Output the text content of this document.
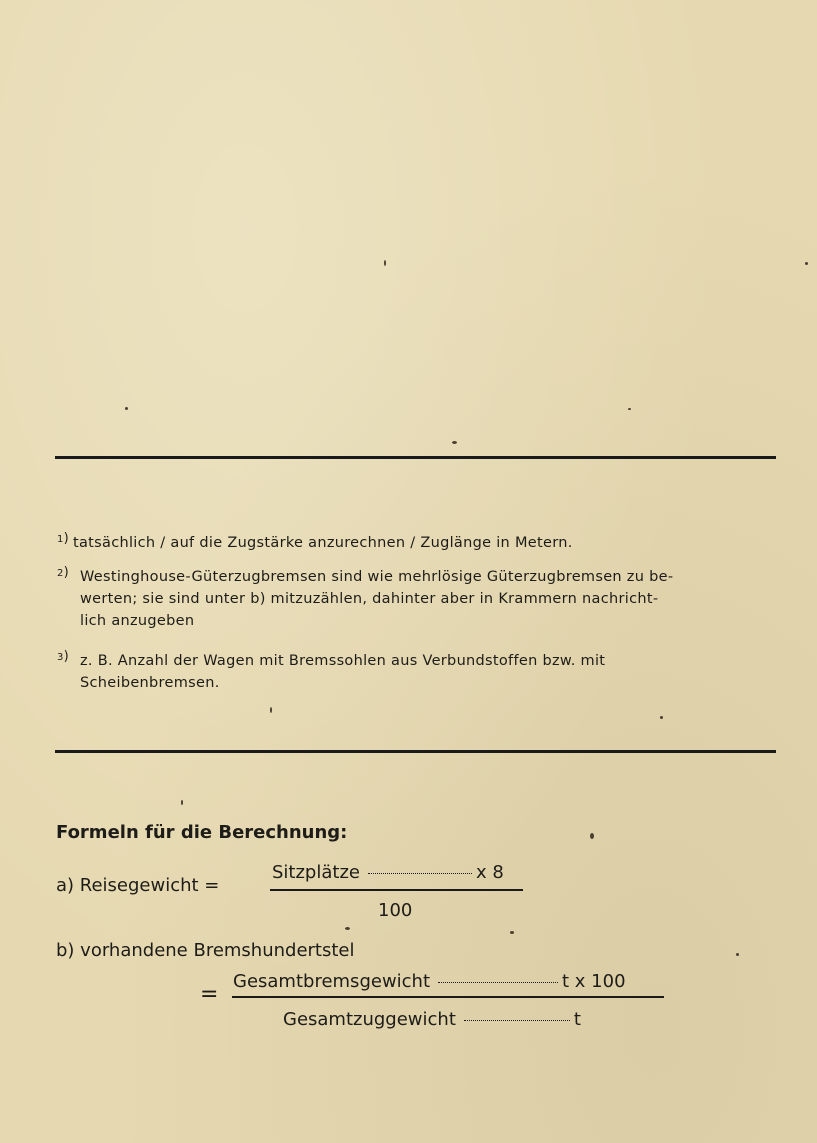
1) tatsächlich / auf die Zugstärke anzurechnen / Zuglänge in Metern.
2) Westinghouse-Güterzugbremsen sind wie mehrlösige Güterzugbremsen zu be-
werten; sie sind unter b) mitzuzählen, dahinter aber in Krammern nachricht-
lich anzugeben
3) z. B. Anzahl der Wagen mit Bremssohlen aus Verbundstoffen bzw. mit
Scheibenbremsen.
Formeln für die Berechnung:
a) Reisegewicht =
Sitzplätze	x 8
100
b) vorhandene Bremshundertstel
=
Gesamtbremsgewicht	t x 100
Gesamtzuggewicht	t
